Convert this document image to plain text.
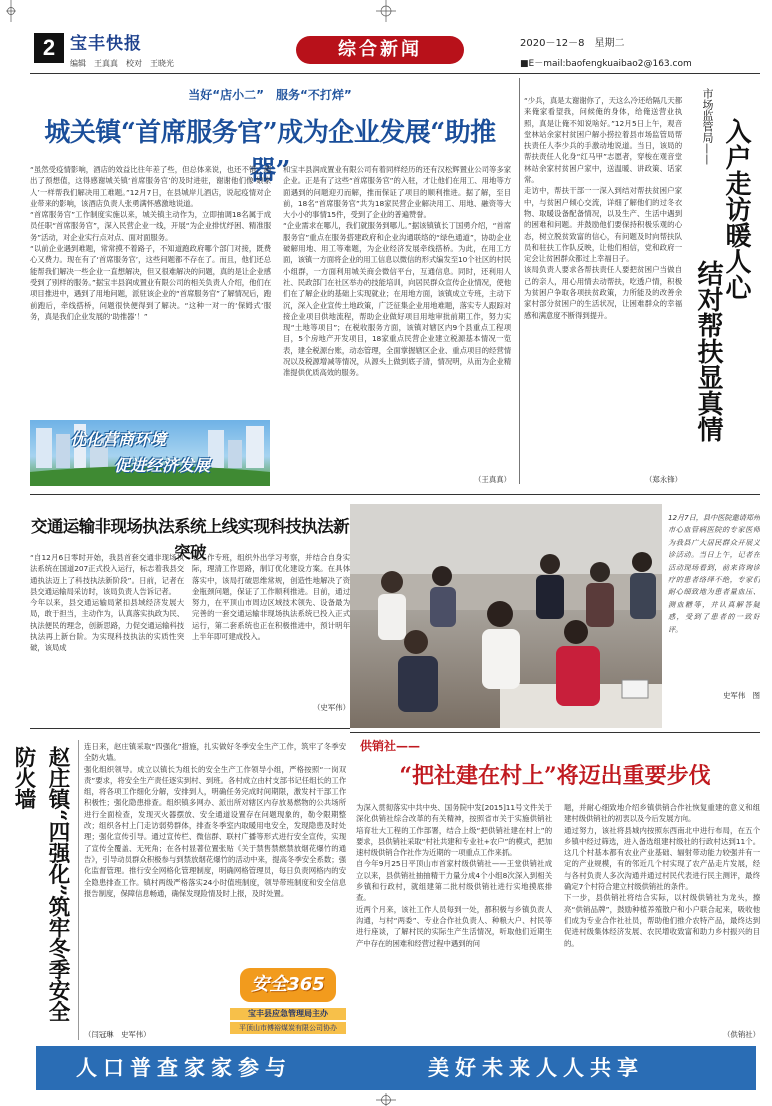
2 宝丰快报
编辑　王真真　校对　王晓光
综合新闻	2020－12－8　星期二
■E－mail:baofengkuaibao2@163.com
当好“店小二”　服务“不打烊”
城关镇“首席服务官”成为企业发展“助推器”
“虽然受疫情影响，酒店的效益比往年差了些，但总体来说，也还不错，超出了预想值，这得感谢城关镇‘首席服务官’的及时进驻，谢谢他们像‘娘家人’一样帮我们解决用工难题。”12月7日，在县城岸儿酒店，说起疫情对企业带来的影响，该酒店负责人张勇满怀感激地说道。
“首席服务官”工作制度实施以来，城关镇主动作为，立即抽调18名属于成员任职“首席服务官”，深入民营企业一线，开展“为企业排忧纾困、精准服务”活动，对企业实行点对点、面对面服务。
“以前企业遇到难题，常常摸不着路子，不知道跑政府哪个部门对接，既费心又费力。现在有了‘首席服务官’，这些问题都不存在了。而且，他们还总能帮我们解决一些企业一直想解决，但又很难解决的问题，真的是让企业感受到了别样的服务。”据宝丰县润成置业有限公司的相关负责人介绍，他们在项目推进中，遇到了用地问题，派驻该企业的“首席服务官”了解情况后，跑前跑后，牵线搭桥，问题很快便得到了解决。“这种一对一的‘保姆式’服务，真是我们企业发展的‘助推器’！”
和宝丰县润成置业有限公司有着同样经历的还有汉松辉置业公司等多家企业。正是有了这些“首席服务官”的入驻，才让他们在用工、用地等方面遇到的问题迎刃而解，推而保证了项目的顺利推进。据了解，至目前，18名“首席服务官”共为18家民营企业解决用工、用地、融资等大大小小的事情15件，受到了企业的普遍赞誉。
“企业需求在哪儿，我们就服务到哪儿。”据该镇镇长丁国勇介绍，“首席服务官”重点在服务搭建政府和企业沟通联络的“绿色通道”，协助企业破解用地、用工等难题，为企业经济发展牵线搭桥。为此，在用工方面，该镇一方面将企业的用工信息以微信的形式编发至10个社区的村民小组群，一方面利用城关商会微信平台，互通信息。同时，还利用人社、民政部门在社区举办的技能培训，向居民群众宣传企业情况，使他们在了解企业的基础上实现就业；在用地方面，该镇成立专班，主动下沉，深入企业宣传土地政策，广泛征集企业用地难题，落实专人跟踪对接企业项目供地流程，帮助企业做好项目用地审批前期工作，努力实现“土地等项目”；在税收服务方面，该镇对辖区内9个县重点工程项目，5个房地产开发项目，18家重点民营企业建立税源基本情况一览表，建全税源台账，动态管理，全面掌握辖区企业、重点项目的经营情况以及税源增减等情况，从源头上做到底子清，情况明，从而为企业精准提供优质高效的服务。
（王真真）
优化营商环境
促进经济发展
“少兵，真是太谢谢你了，天这么冷还给隔几天都来俺家看望我，问候俺的身体，给俺送营业执照，真是让俺不知说啥好。”12月5日上午，观音堂林站余家村贫困户解小捞拉着县市场监管局帮扶责任人李少兵的手激动地说道。当日，该局的帮扶责任人化身“红马甲”志愿者，穿梭在观音堂林站余家村贫困户家中，送温暖、讲政策、话家常。
走访中，帮扶干部一一深入到结对帮扶贫困户家中，与贫困户倾心交流，详细了解他们的过冬衣物、取暖设备配备情况，以及生产、生活中遇到的困难和问题。并鼓励他们要保持积极乐观的心态，树立脱贫致富的信心，有问题及时向帮扶队员和驻扶工作队反映，让他们相信，党和政府一定会让贫困群众都过上幸福日子。
该局负责人要求各帮扶责任人要把贫困户当做自己的亲人，用心用情去动帮扶，吃透户情，积极为贫困户争取各项扶贫政策，力所能及的改善余家村部分贫困户的生活状况，让困难群众的幸福感和满意度不断得到提升。
（郑永锋）
市场监管局—— 入户走访暖人心
结对帮扶显真情
交通运输非现场执法系统上线实现科技执法新突破
“自12月6日零时开始，我县首套交通非现场执法系统在国道207正式投入运行，标志着我县交通执法迈上了科技执法新阶段”。日前，记者在县交通运输局采访时，该局负责人告诉记者。
今年以来，县交通运输局紧扣县域经济发展大局，敢于担当，主动作为，认真落实执政为民、执法便民的理念，创新思路，力促交通运输科技执法再上新台阶。为实现科技执法的实质性突破，该局成
立工作专班，组织外出学习考察，并结合自身实际，理清工作思路，制订优化建设方案。在具体落实中，该局打破思维常规，创造性地解决了资金瓶颈问题，保证了工作顺利推进。目前，通过努力，在平顶山市周边区域技术领先、设备最为完善的一套交通运输非现场执法系统已投入正式运行，第二套系统也正在积极推进中，预计明年上半年即可建成投入。
（史军伟）
12月7日，县中医院邀请郑州市心血管病医院的专家医师为我县广大居民群众开展义诊活动。当日上午，记者在活动现场看到，前来咨询诊疗的患者络绎不绝，专家们耐心细致地为患者量血压、测血糖等，并认真解答疑惑，受到了患者的一致好评。
史军伟　图
赵庄镇“四强化”筑牢冬季安全防火墙	连日来，赵庄镇采取“四强化”措施，扎实做好冬季安全生产工作，筑牢了冬季安全防火墙。
强化组织领导。成立以镇长为组长的安全生产工作领导小组，严格按照“一岗双责”要求，将安全生产责任逐实到村、到班。各村成立由村支部书记任组长的工作组，将各项工作细化分解，安排到人，明确任务完成时间期限，激发村干部工作积极性；强化隐患排查。组织镇多网办、派出所对辖区内存放易燃物的公共场所进行全面检查，发现灭火器摆放、安全通道设置存在问题现象的，勒令限期整改；组织各村上门走访弱势群体，排查冬季室内取暖用电安全，发现隐患及时处理；强化宣传引导。通过宣传栏、微信群、联村广播等形式进行安全宣传，实现了宣传全覆盖、无死角；在各村显著位置张贴《关于禁售禁燃禁放烟花爆竹的通告》，引导动员群众积极参与到禁放烟花爆竹的活动中来，提高冬季安全系数；强化监督管理。推行安全网格化管理制度，明确网格管理员，每日负责网格内的安全隐患排查工作。镇村两级严格落实24小时值班制度，领导带班制度和安全信息报告制度，保障信息畅通，确保发现险情及时上报，及时处置。
（闫冠琳　史军伟）
安全365
宝丰县应急管理局主办
平顶山市傅裕煤炭有限公司协办
供销社——
“把社建在村上”将迈出重要步伐
为深入贯彻落实中共中央、国务院中发[2015]11号文件关于深化供销社综合改革的有关精神，按照省市关于实施供销社培育壮大工程的工作部署，结合上级“把供销社建在村上”的要求，县供销社采取“村社共建和专业社+农户”的模式，把加速村级供销合作社作为近期的一项重点工作来抓。
自今年9月25日平顶山市首家村级供销社——王堂供销社成立以来，县供销社抽抽精干力量分成4个小组8次深入到相关乡镇和行政村，就组建第二批村级供销社进行实地摸底排查。
近两个月来，该社工作人员每到一处，都积极与乡镇负责人沟通，与村“两委”、专业合作社负责人、种粮大户、村民等进行座谈，了解村民的实际生产生活情况，听取他们近期生产中存在的困难和经营过程中遇到的问
题，并耐心细致地介绍乡镇供销合作社恢复重建的意义和组建村级供销社的初衷以及今后发展方向。
通过努力，该社将县城内按照东西南北中进行布局，在五个乡镇中经过筛选，进入备选组建村级社的行政村达到11个。这几个村基本都有农业产业基础、辐射带动能力较强并有一定的产业规模，有的邻近几个村实现了农产品走片发展，经与各村负责人多次沟通并通过村民代表进行民主测评，最终确定7个村符合建立村级供销社的条件。
下一步，县供销社将结合实际，以村级供销社为龙头，擦亮“供销品牌”，鼓励种植养殖散户和小户联合起来，吸收他们成为专业合作社社员，帮助他们推介农特产品，最终达到促进村级集体经济发展、农民增收致富和助力乡村振兴的目的。
（供销社）
人口普查家家参与	美好未来人人共享
